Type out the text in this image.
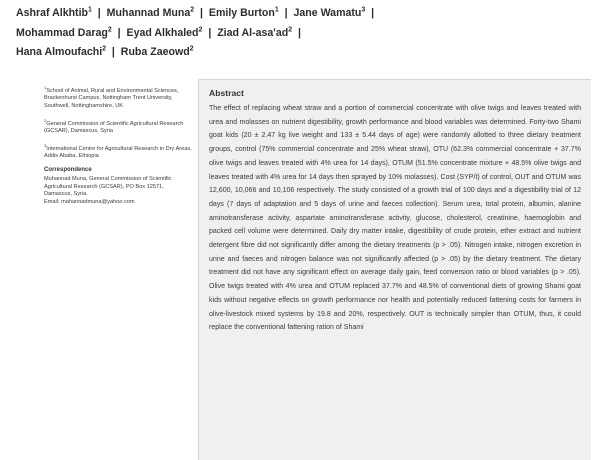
Ashraf Alkhtib$^1$  |  Muhannad Muna$^2$  |  Emily Burton$^1$  |  Jane Wamatu$^3$  |
Mohammad Darag$^2$  |  Eyad Alkhaled$^2$  |  Ziad $Al-asa'ad^2$  |
Hana Almoufachi$^2$  |  Ruba Zaeowd$^2$
$^1$School of Animal, Rural and Environmental Sciences, Brackenhurst Campus, Nottingham Trent University, Southwell, Nottinghamshire, UK
$^2$General Commission of Scientific Agricultural Research (GCSAR), Damascus, Syria
$^3$International Centre for Agricultural Research in Dry Areas, Addis Ababa, Ethiopia
Correspondence
Muhannad Muna, General Commission of Scientific Agricultural Research (GCSAR), PO Box 12571, Damascus, Syria.
Email: mahannadmuna@yahoo.com
Abstract
The effect of replacing wheat straw and a portion of commercial concentrate with olive twigs and leaves treated with urea and molasses on nutrient digestibility, growth performance and blood variables was determined. Forty-two Shami goat kids (20 ± 2.47 kg live weight and 133 ± 5.44 days of age) were randomly allotted to three dietary treatment groups, control (75% commercial concentrate and 25% wheat straw), OTU (62.3% commercial concentrate + 37.7% olive twigs and leaves treated with 4% urea for 14 days), OTUM (51.5% concentrate mixture + 48.5% olive twigs and leaves treated with 4% urea for 14 days then sprayed by 10% molasses). Cost (SYP/t) of control, OUT and OTUM was 12,600, 10,066 and 10,106 respectively. The study consisted of a growth trial of 100 days and a digestibility trial of 12 days (7 days of adaptation and 5 days of urine and faeces collection). Serum urea, total protein, albumin, alanine aminotransferase activity, aspartate aminotransferase activity, glucose, cholesterol, creatinine, haemoglobin and packed cell volume were determined. Daily dry matter intake, digestibility of crude protein, ether extract and nutrient detergent fibre did not significantly differ among the dietary treatments (p > .05). Nitrogen intake, nitrogen excretion in urine and faeces and nitrogen balance was not significantly affected (p > .05) by the dietary treatment. The dietary treatment did not have any significant effect on average daily gain, feed conversion ratio or blood variables (p > .05). Olive twigs treated with 4% urea and OTUM replaced 37.7% and 48.5% of conventional diets of growing Shami goat kids without negative effects on growth performance nor health and potentially reduced fattening costs for farmers in olive-livestock mixed systems by 19.8 and 20%, respectively. OUT is technically simpler than OTUM, thus, it could replace the conventional fattening ration of Shami
